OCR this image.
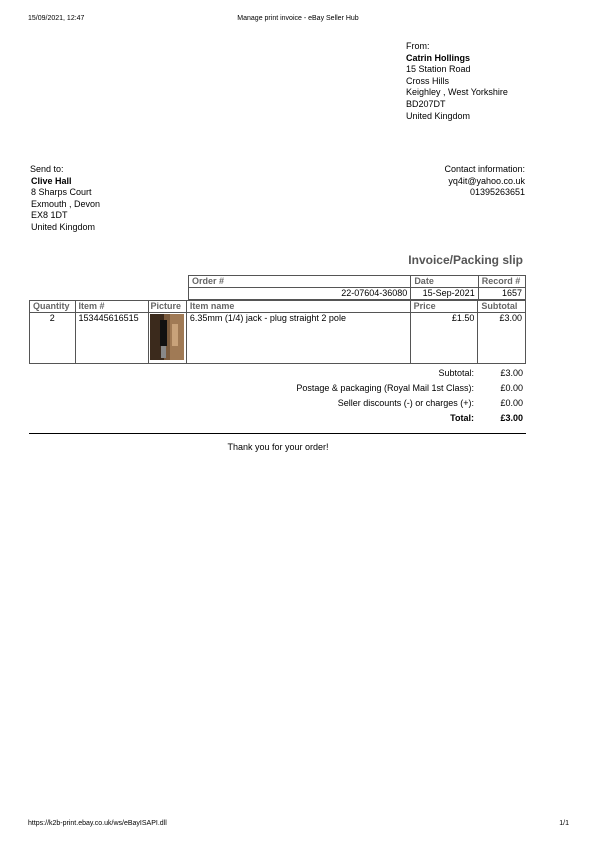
15/09/2021, 12:47	Manage print invoice - eBay Seller Hub
From:
Catrin Hollings
15 Station Road
Cross Hills
Keighley , West Yorkshire
BD207DT
United Kingdom
Send to:
Clive Hall
8 Sharps Court
Exmouth , Devon
EX8 1DT
United Kingdom
Contact information:
yq4it@yahoo.co.uk
01395263651
Invoice/Packing slip
Order #	Date	Record #
22-07604-36080	15-Sep-2021	1657
Quantity	Item #	Picture	Item name	Price	Subtotal
2	153445616515		6.35mm (1/4) jack - plug straight 2 pole	£1.50	£3.00
Subtotal:	£3.00
Postage & packaging (Royal Mail 1st Class):	£0.00
Seller discounts (-) or charges (+):	£0.00
Total:	£3.00
Thank you for your order!
https://k2b-print.ebay.co.uk/ws/eBayISAPI.dll	1/1
